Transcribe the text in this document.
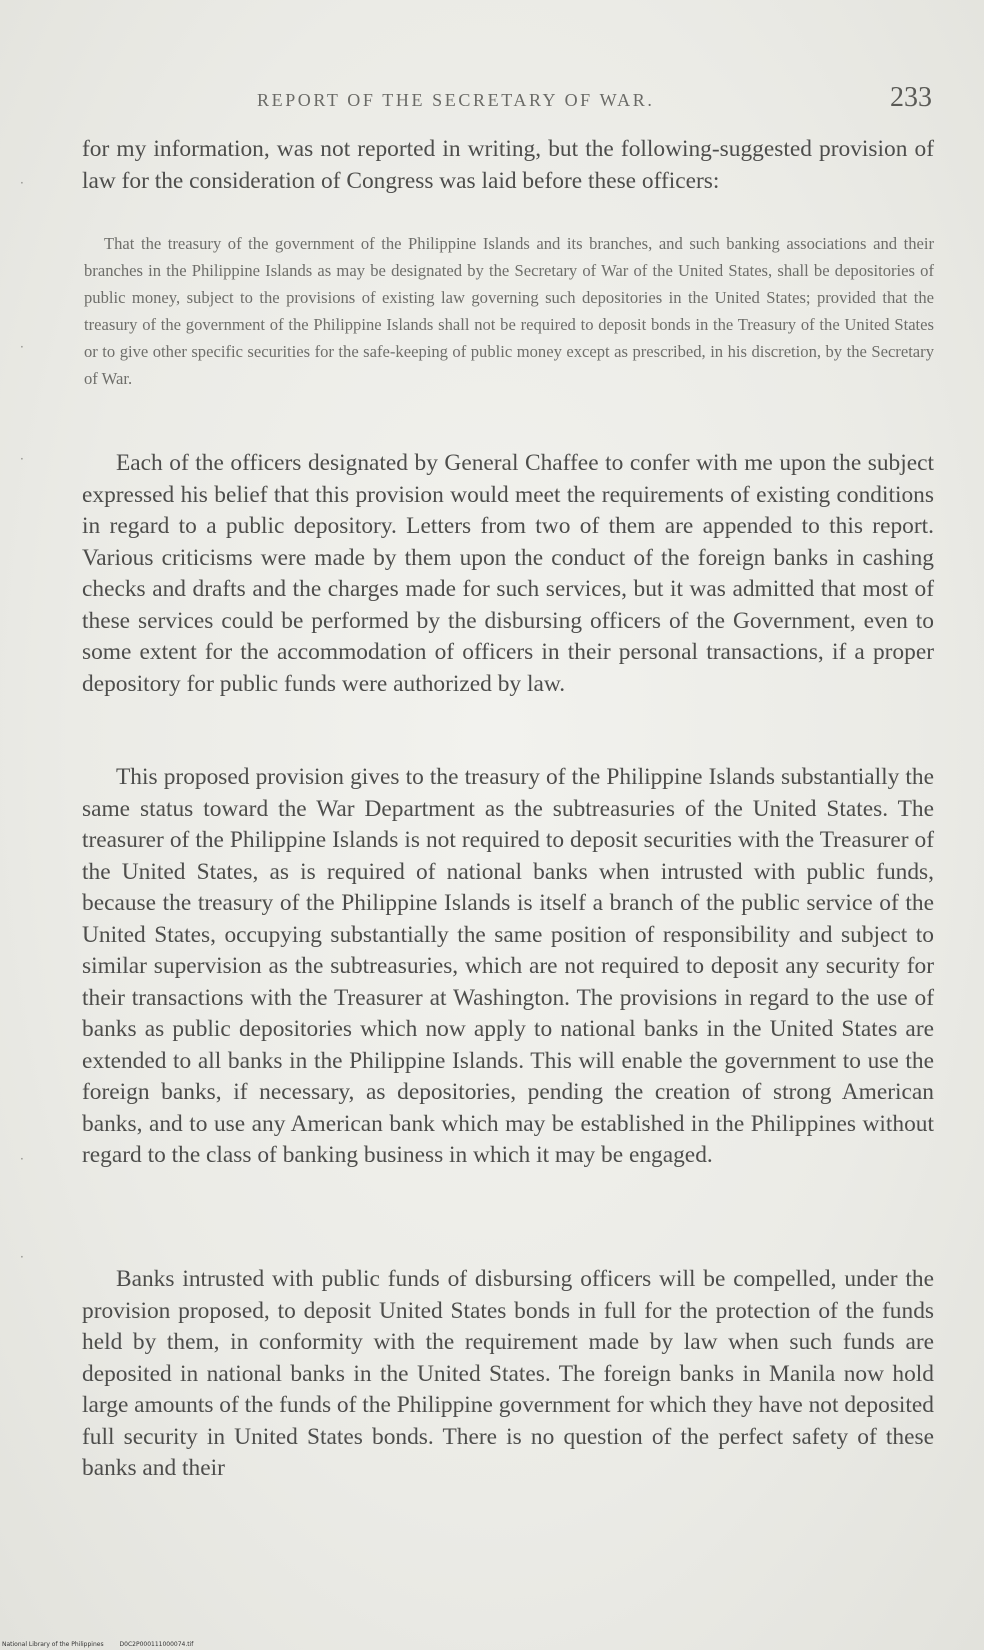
REPORT OF THE SECRETARY OF WAR.	233
for my information, was not reported in writing, but the following-suggested provision of law for the consideration of Congress was laid before these officers:
That the treasury of the government of the Philippine Islands and its branches, and such banking associations and their branches in the Philippine Islands as may be designated by the Secretary of War of the United States, shall be depositories of public money, subject to the provisions of existing law governing such depositories in the United States; provided that the treasury of the government of the Philippine Islands shall not be required to deposit bonds in the Treasury of the United States or to give other specific securities for the safe-keeping of public money except as prescribed, in his discretion, by the Secretary of War.
Each of the officers designated by General Chaffee to confer with me upon the subject expressed his belief that this provision would meet the requirements of existing conditions in regard to a public depository. Letters from two of them are appended to this report. Various criticisms were made by them upon the conduct of the foreign banks in cashing checks and drafts and the charges made for such services, but it was admitted that most of these services could be performed by the disbursing officers of the Government, even to some extent for the accommodation of officers in their personal transactions, if a proper depository for public funds were authorized by law.
This proposed provision gives to the treasury of the Philippine Islands substantially the same status toward the War Department as the subtreasuries of the United States. The treasurer of the Philippine Islands is not required to deposit securities with the Treasurer of the United States, as is required of national banks when intrusted with public funds, because the treasury of the Philippine Islands is itself a branch of the public service of the United States, occupying substantially the same position of responsibility and subject to similar supervision as the subtreasuries, which are not required to deposit any security for their transactions with the Treasurer at Washington. The provisions in regard to the use of banks as public depositories which now apply to national banks in the United States are extended to all banks in the Philippine Islands. This will enable the government to use the foreign banks, if necessary, as depositories, pending the creation of strong American banks, and to use any American bank which may be established in the Philippines without regard to the class of banking business in which it may be engaged.
Banks intrusted with public funds of disbursing officers will be compelled, under the provision proposed, to deposit United States bonds in full for the protection of the funds held by them, in conformity with the requirement made by law when such funds are deposited in national banks in the United States. The foreign banks in Manila now hold large amounts of the funds of the Philippine government for which they have not deposited full security in United States bonds. There is no question of the perfect safety of these banks and their
·
·
·
·
·
National Library of the Philippines	D0C2P000111000074.tif
